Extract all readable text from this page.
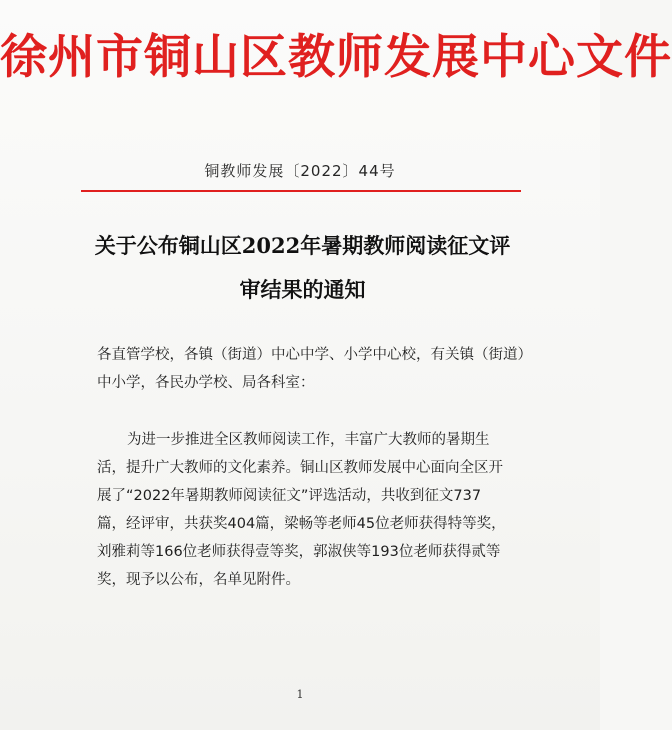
徐州市铜山区教师发展中心文件
铜教师发展〔2022〕44号
关于公布铜山区2022年暑期教师阅读征文评
审结果的通知
各直管学校，各镇（街道）中心中学、小学中心校，有关镇（街道）
中小学，各民办学校、局各科室：
为进一步推进全区教师阅读工作，丰富广大教师的暑期生
活，提升广大教师的文化素养。铜山区教师发展中心面向全区开
展了“2022年暑期教师阅读征文”评选活动，共收到征文737
篇，经评审，共获奖404篇，梁畅等老师45位老师获得特等奖，
刘雅莉等166位老师获得壹等奖，郭淑侠等193位老师获得贰等
奖，现予以公布，名单见附件。
1
